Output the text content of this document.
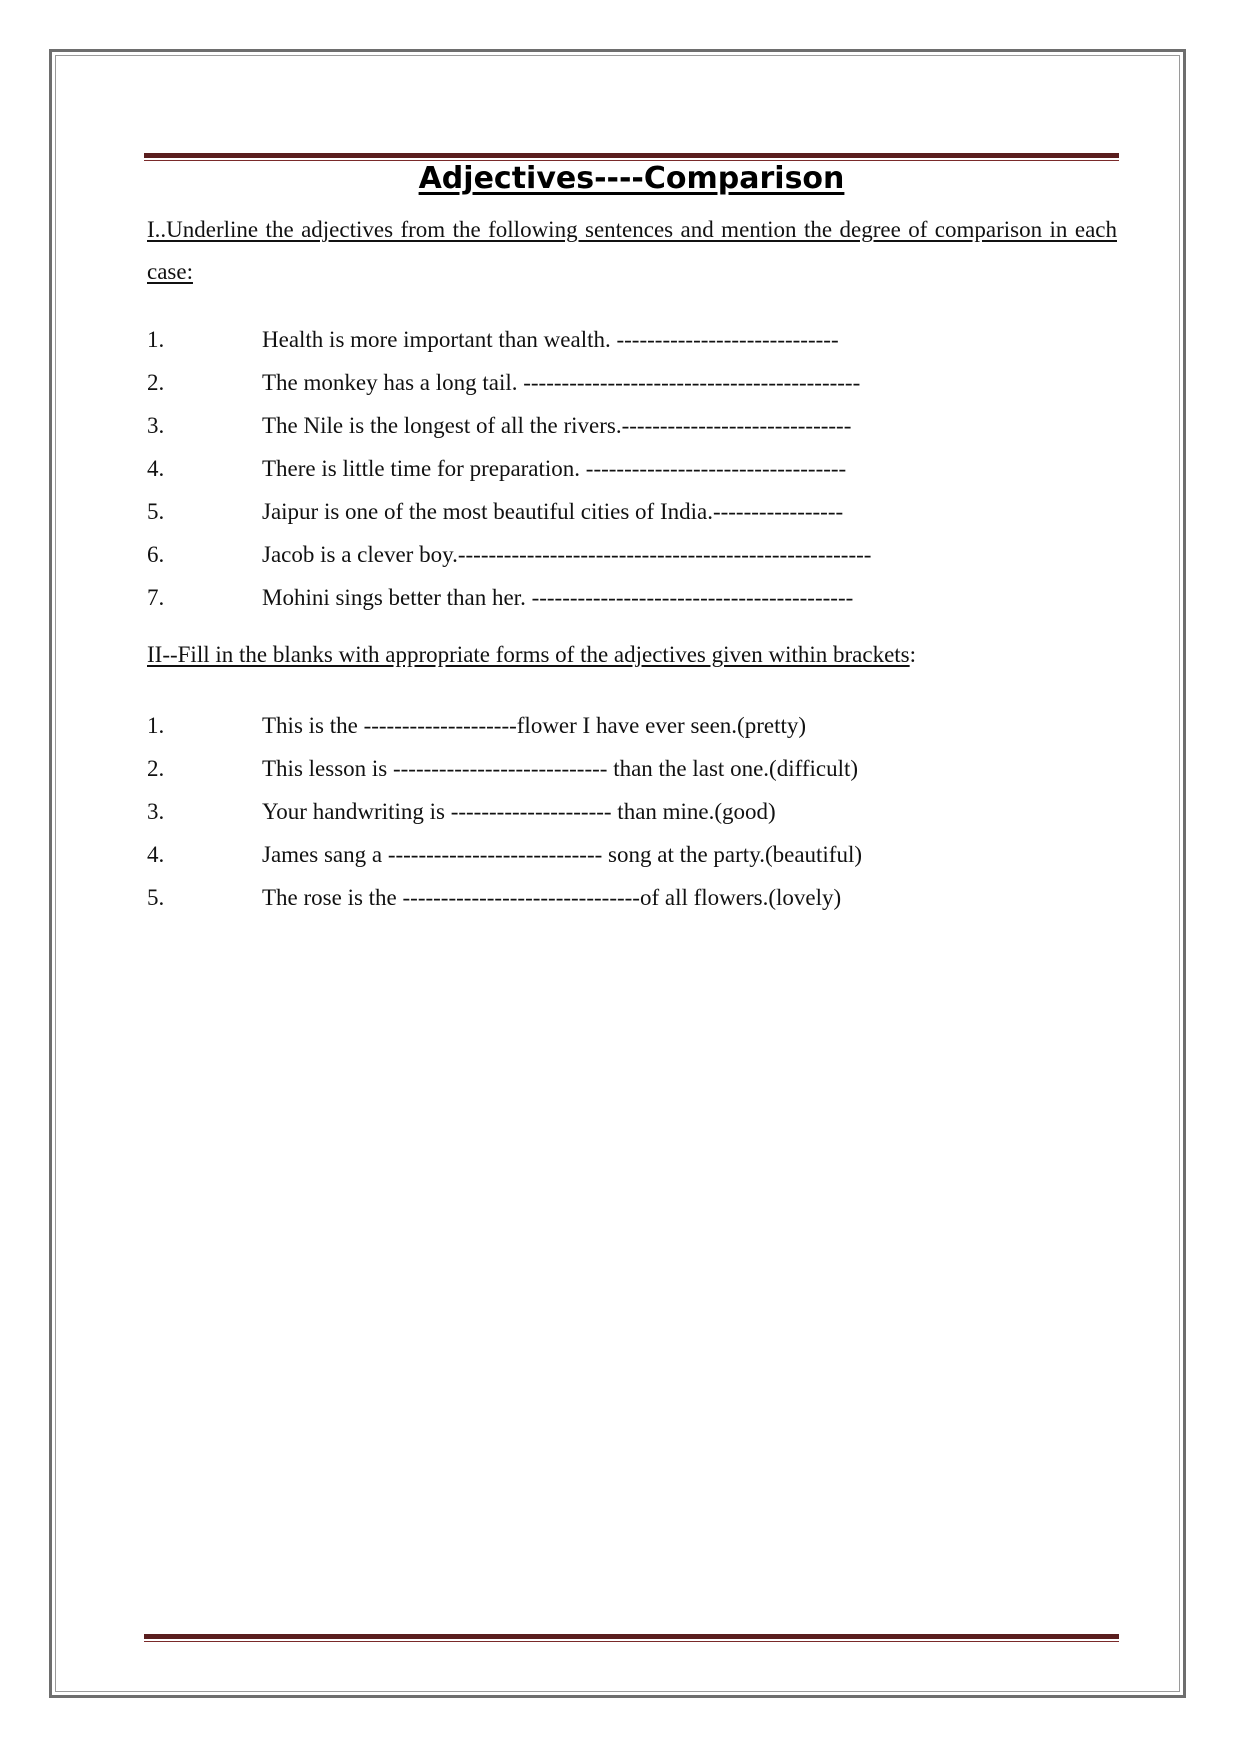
Adjectives----Comparison
I..Underline the adjectives from the following sentences and mention the degree of comparison in each case:
1.	Health is more important than wealth. -----------------------------
2.	The monkey has a long tail. --------------------------------------------
3.	The Nile is the longest of all the rivers.------------------------------
4.	There is little time for preparation. ----------------------------------
5.	Jaipur is one of the most beautiful cities of India.-----------------
6.	Jacob is a clever boy.------------------------------------------------------
7.	Mohini sings better than her. ------------------------------------------
II--Fill in the blanks with appropriate forms of the adjectives given within brackets:
1.	This is the --------------------flower I have ever seen.(pretty)
2.	This lesson is ---------------------------- than the last one.(difficult)
3.	Your handwriting is --------------------- than mine.(good)
4.	James sang a ---------------------------- song at the party.(beautiful)
5.	The rose is the -------------------------------of all flowers.(lovely)
